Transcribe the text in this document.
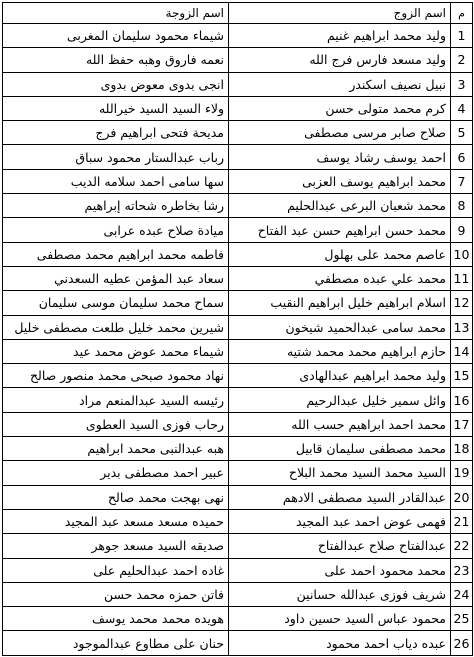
م	اسم الزوج	اسم الزوجة
1	وليد محمد ابراهيم غنيم	شيماء محمود سليمان المغربى
2	وليد مسعد فارس فرج الله	نعمه فاروق وهبه حفظ الله
3	نبيل نصيف اسكندر	انجى بدوى معوض بدوى
4	كرم محمد متولى حسن	ولاء السيد السيد خيرالله
5	صلاح صابر مرسى مصطفى	مديحة فتحى ابراهيم فرج
6	احمد يوسف رشاد يوسف	رباب عبدالستار محمود سباق
7	محمد ابراهيم يوسف العزبى	سها سامى احمد سلامه الديب
8	محمد شعبان البرعى عبدالحليم	رشا بخاطره شحاته إبراهيم
9	محمد حسن ابراهيم حسن عبد الفتاح	ميادة صلاح عبده عرابى
10	عاصم محمد على بهلول	فاطمه محمد ابراهيم محمد مصطفى
11	محمد علي عبده مصطفي	سعاد عبد المؤمن عطيه السعدني
12	اسلام ابراهيم خليل ابراهيم النقيب	سماح محمد سليمان موسى سليمان
13	محمد سامى عبدالحميد شيخون	شيرين محمد خليل طلعت مصطفى خليل
14	حازم ابراهيم محمد محمد شتيه	شيماء محمد عوض محمد عيد
15	وليد محمد ابراهيم عبدالهادى	نهاد محمود صبحى محمد منصور صالح
16	وائل سمير خليل عبدالرحيم	رئيسه السيد عبدالمنعم مراد
17	محمد احمد ابراهيم حسب الله	رحاب فوزى السيد العطوى
18	محمد مصطفى سليمان قابيل	هبه عبدالنبى محمد ابراهيم
19	السيد محمد السيد محمد البلاح	عبير احمد مصطفى بدير
20	عبدالقادر السيد مصطفى الادهم	نهى بهجت محمد صالح
21	فهمى عوض احمد عبد المجيد	حميده مسعد مسعد عبد المجيد
22	عبدالفتاح صلاح عبدالفتاح	صديقه السيد مسعد جوهر
23	محمد محمود احمد على	غاده احمد عبدالحليم على
24	شريف فوزى عبدالله حسانين	فاتن حمزه محمد حسن
25	محمود عباس السيد حسين داود	هويده محمد محمد يوسف
26	عبده دياب احمد محمود	حنان على مطاوع عبدالموجود
